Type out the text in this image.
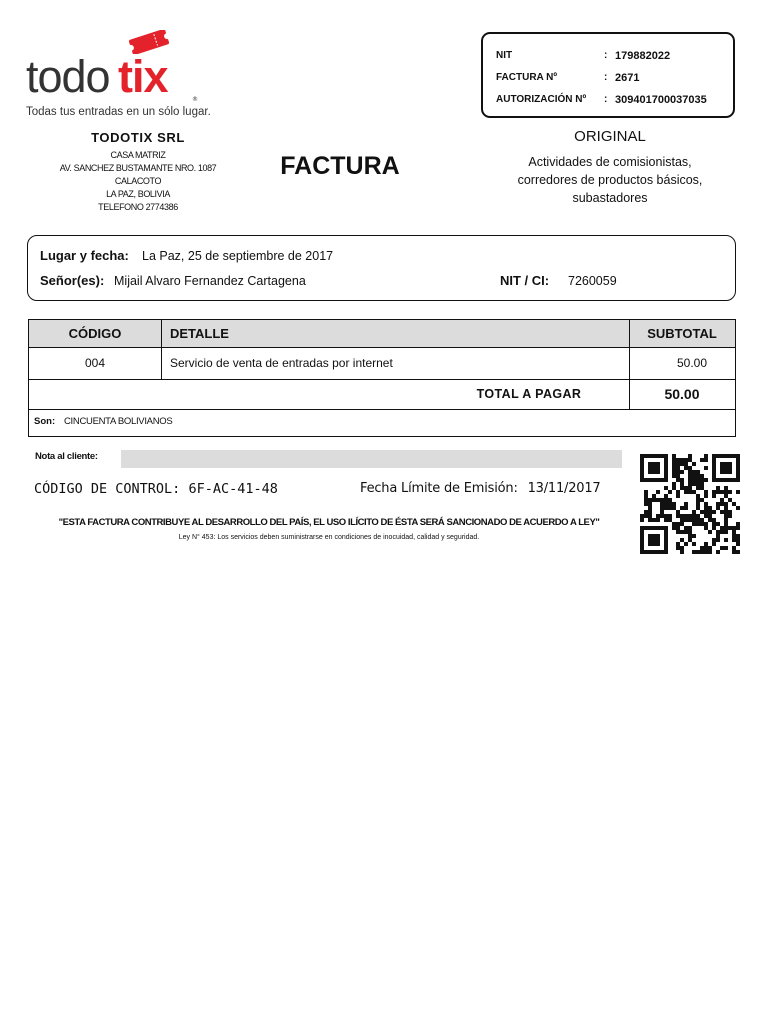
todo tix	®
Todas tus entradas en un sólo lugar.
TODOTIX SRL
CASA MATRIZ
AV. SANCHEZ BUSTAMANTE NRO. 1087
CALACOTO
LA PAZ, BOLIVIA
TELEFONO 2774386
FACTURA
NIT	: 179882022
FACTURA Nº	: 2671
AUTORIZACIÓN Nº : 309401700037035
ORIGINAL
Actividades de comisionistas,
corredores de productos básicos,
subastadores
Lugar y fecha: La Paz, 25 de septiembre de 2017
Señor(es): Mijail Alvaro Fernandez Cartagena	NIT / CI: 7260059
CÓDIGO	DETALLE	SUBTOTAL
004	Servicio de venta de entradas por internet	50.00
TOTAL A PAGAR	50.00
Son: CINCUENTA BOLIVIANOS
Nota al cliente:
CÓDIGO DE CONTROL: 6F-AC-41-48	Fecha Límite de Emisión: 13/11/2017
"ESTA FACTURA CONTRIBUYE AL DESARROLLO DEL PAÍS, EL USO ILÍCITO DE ÉSTA SERÁ SANCIONADO DE ACUERDO A LEY"
Ley N° 453: Los servicios deben suministrarse en condiciones de inocuidad, calidad y seguridad.
